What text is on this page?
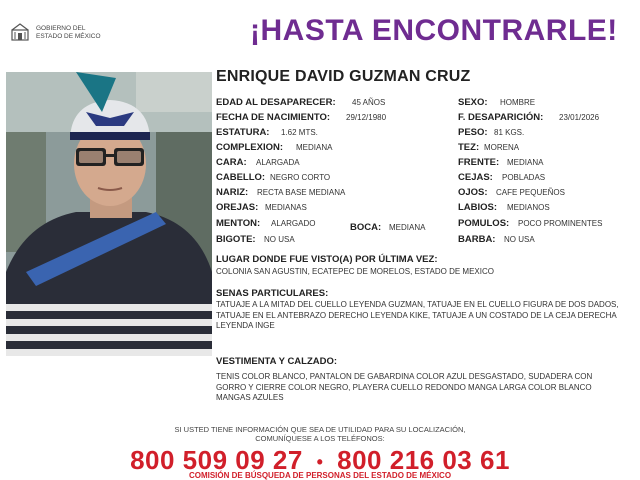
GOBIERNO DEL
ESTADO DE MÉXICO	¡HASTA ENCONTRARLE!
ENRIQUE DAVID GUZMAN CRUZ
EDAD AL DESAPARECER: 45 AÑOS	SEXO: HOMBRE
FECHA DE NACIMIENTO: 29/12/1980	F. DESAPARICIÓN: 23/01/2026
ESTATURA: 1.62 MTS.	PESO: 81 KGS.
COMPLEXION: MEDIANA	TEZ: MORENA
CARA: ALARGADA	FRENTE: MEDIANA
CABELLO: NEGRO CORTO	CEJAS: POBLADAS
NARIZ: RECTA BASE MEDIANA	OJOS: CAFE PEQUEÑOS
OREJAS: MEDIANAS	LABIOS: MEDIANOS
MENTON: ALARGADO	BOCA: MEDIANA	POMULOS: POCO PROMINENTES
BIGOTE: NO USA	BARBA: NO USA
LUGAR DONDE FUE VISTO(A) POR ÚLTIMA VEZ:
COLONIA SAN AGUSTIN, ECATEPEC DE MORELOS, ESTADO DE MEXICO
SENAS PARTICULARES:
TATUAJE A LA MITAD DEL CUELLO LEYENDA GUZMAN, TATUAJE EN EL CUELLO FIGURA DE DOS DADOS, TATUAJE EN EL ANTEBRAZO DERECHO LEYENDA KIKE, TATUAJE A UN COSTADO DE LA CEJA DERECHA LEYENDA INGE
VESTIMENTA Y CALZADO:
TENIS COLOR BLANCO, PANTALON DE GABARDINA COLOR AZUL DESGASTADO, SUDADERA CON GORRO Y CIERRE COLOR NEGRO, PLAYERA CUELLO REDONDO MANGA LARGA COLOR BLANCO MANGAS AZULES
SI USTED TIENE INFORMACIÓN QUE SEA DE UTILIDAD PARA SU LOCALIZACIÓN,
COMUNÍQUESE A LOS TELÉFONOS:
800 509 09 27 • 800 216 03 61
COMISIÓN DE BÚSQUEDA DE PERSONAS DEL ESTADO DE MÉXICO
